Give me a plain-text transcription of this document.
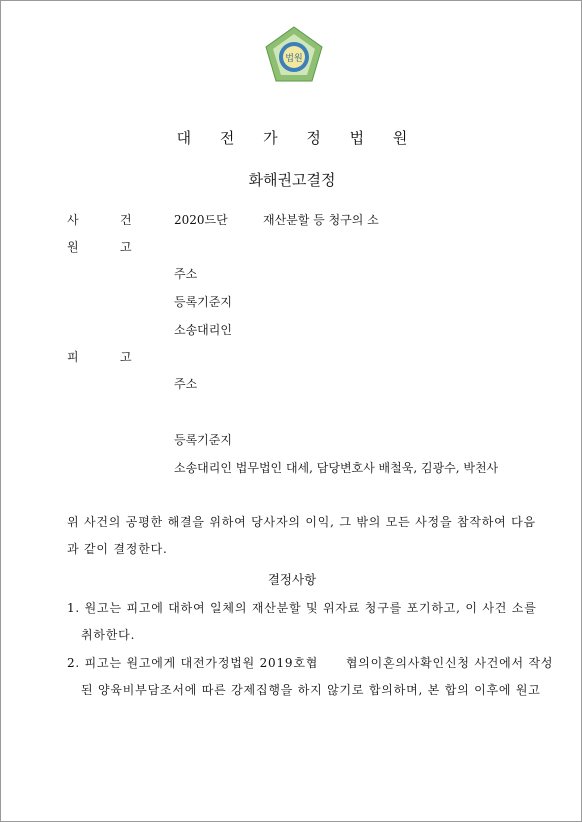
법원
대 전 가 정 법 원
화해권고결정
사	건	2020드단	재산분할 등 청구의 소
원	고
주소
등록기준지
소송대리인
피	고
주소
등록기준지
소송대리인 법무법인 대세, 담당변호사 배철욱, 김광수, 박천사
위 사건의 공평한 해결을 위하여 당사자의 이익, 그 밖의 모든 사정을 참작하여 다음
과 같이 결정한다.
결정사항
1. 원고는 피고에 대하여 일체의 재산분할 및 위자료 청구를 포기하고, 이 사건 소를
취하한다.
2. 피고는 원고에게 대전가정법원 2019호협      협의이혼의사확인신청 사건에서 작성
된 양육비부담조서에 따른 강제집행을 하지 않기로 합의하며, 본 합의 이후에 원고
